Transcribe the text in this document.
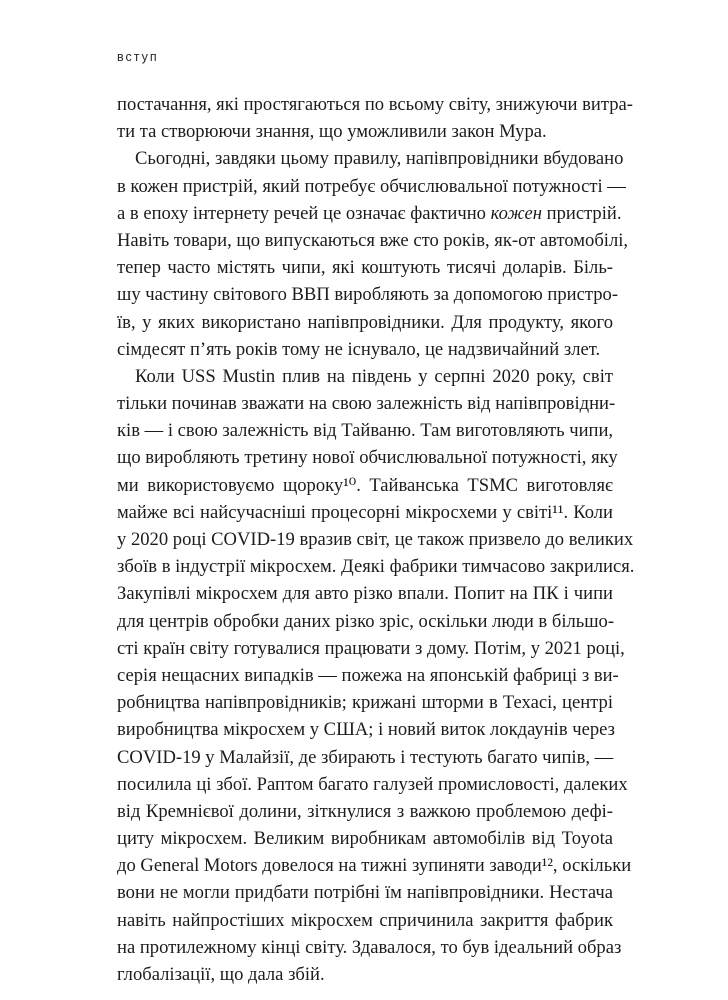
вступ
постачання, які простягаються по всьому світу, знижуючи витра-
ти та створюючи знання, що уможливили закон Мура.
Сьогодні, завдяки цьому правилу, напівпровідники вбудовано
в кожен пристрій, який потребує обчислювальної потужності —
а в епоху інтернету речей це означає фактично кожен пристрій.
Навіть товари, що випускаються вже сто років, як-от автомобілі,
тепер часто містять чипи, які коштують тисячі доларів. Біль-
шу частину світового ВВП виробляють за допомогою пристро-
їв, у яких використано напівпровідники. Для продукту, якого
сімдесят п’ять років тому не існувало, це надзвичайний злет.
Коли USS Mustin плив на південь у серпні 2020 року, світ
тільки починав зважати на свою залежність від напівпровідни-
ків — і свою залежність від Тайваню. Там виготовляють чипи,
що виробляють третину нової обчислювальної потужності, яку
ми використовуємо щороку¹⁰. Тайванська TSMC виготовляє
майже всі найсучасніші процесорні мікросхеми у світі¹¹. Коли
у 2020 році COVID-19 вразив світ, це також призвело до великих
збоїв в індустрії мікросхем. Деякі фабрики тимчасово закрилися.
Закупівлі мікросхем для авто різко впали. Попит на ПК і чипи
для центрів обробки даних різко зріс, оскільки люди в більшо-
сті країн світу готувалися працювати з дому. Потім, у 2021 році,
серія нещасних випадків — пожежа на японській фабриці з ви-
робництва напівпровідників; крижані шторми в Техасі, центрі
виробництва мікросхем у США; і новий виток локдаунів через
COVID-19 у Малайзії, де збирають і тестують багато чипів, —
посилила ці збої. Раптом багато галузей промисловості, далеких
від Кремнієвої долини, зіткнулися з важкою проблемою дефі-
циту мікросхем. Великим виробникам автомобілів від Toyota
до General Motors довелося на тижні зупиняти заводи¹², оскільки
вони не могли придбати потрібні їм напівпровідники. Нестача
навіть найпростіших мікросхем спричинила закриття фабрик
на протилежному кінці світу. Здавалося, то був ідеальний образ
глобалізації, що дала збій.
